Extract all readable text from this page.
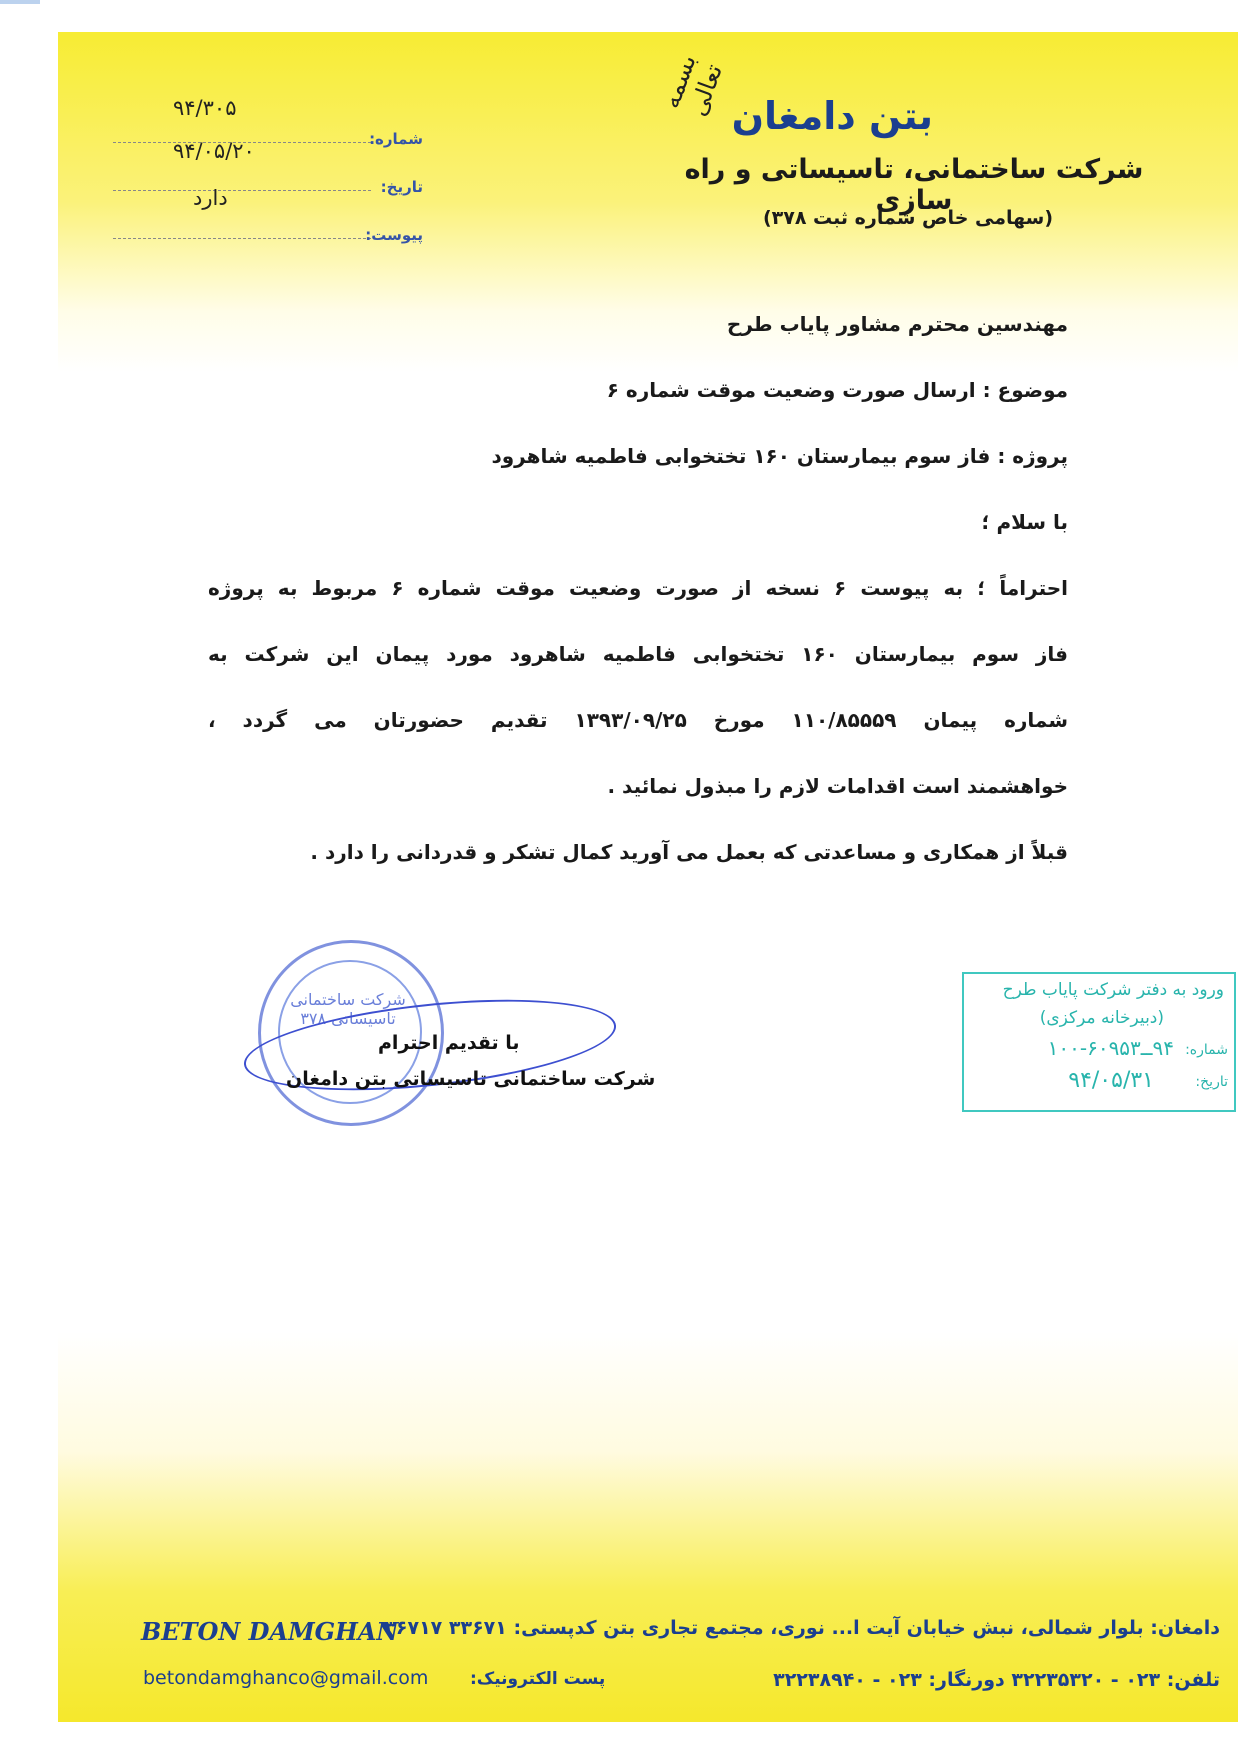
بتن دامغان
شرکت ساختمانی، تاسیساتی و راه سازی
(سهامی خاص شماره ثبت ۳۷۸)
بسمه تعالی
۹۴/۳۰۵
شماره:
۹۴/۰۵/۲۰
تاریخ:
دارد
پیوست:
مهندسین محترم مشاور پایاب طرح
موضوع : ارسال صورت وضعیت موقت شماره ۶
پروژه : فاز سوم بیمارستان ۱۶۰ تختخوابی فاطمیه شاهرود
با سلام ؛
احتراماً ؛ به پیوست ۶ نسخه از صورت وضعیت موقت شماره ۶ مربوط به پروژه
فاز سوم بیمارستان ۱۶۰ تختخوابی فاطمیه شاهرود مورد پیمان این شرکت به
شماره پیمان ۱۱۰/۸۵۵۵۹ مورخ ۱۳۹۳/۰۹/۲۵ تقدیم حضورتان می گردد ،
خواهشمند است اقدامات لازم را مبذول نمائید .
قبلاً از همکاری و مساعدتی که بعمل می آورید کمال تشکر و قدردانی را دارد .
ورود به دفتر شرکت پایاب طرح
(دبیرخانه مرکزی)
شماره:
۹۴ــ۶۰۹۵۳-۱۰۰
تاریخ:
۹۴/۰۵/۳۱
شرکت ساختمانی تاسیساتی ۳۷۸
با تقدیم احترام
شرکت ساختمانی تاسیساتی بتن دامغان
BETON DAMGHAN
دامغان: بلوار شمالی، نبش خیابان آیت ا... نوری، مجتمع تجاری بتن کدپستی: ۳۳۶۷۱ ۳۶۷۱۷
betondamghanco@gmail.com پست الکترونیک:	تلفن: ۰۲۳ - ۳۲۲۳۵۳۲۰ دورنگار: ۰۲۳ - ۳۲۲۳۸۹۴۰
